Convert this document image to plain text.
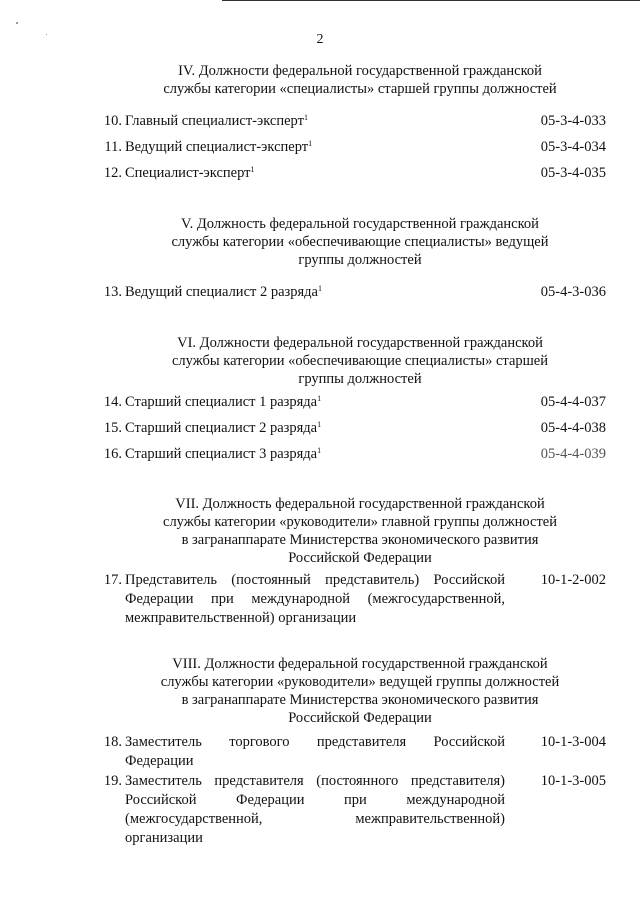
2
IV. Должности федеральной государственной гражданской
службы категории «специалисты» старшей группы должностей
10. Главный специалист-эксперт$^1$	05-3-4-033
11. Ведущий специалист-эксперт$^1$	05-3-4-034
12. Специалист-эксперт$^1$	05-3-4-035
V. Должность федеральной государственной гражданской
службы категории «обеспечивающие специалисты» ведущей
группы должностей
13. Ведущий специалист 2 разряда$^1$	05-4-3-036
VI. Должности федеральной государственной гражданской
службы категории «обеспечивающие специалисты» старшей
группы должностей
14. Старший специалист 1 разряда$^1$	05-4-4-037
15. Старший специалист 2 разряда$^1$	05-4-4-038
16. Старший специалист 3 разряда$^1$	05-4-4-039
VII. Должность федеральной государственной гражданской
службы категории «руководители» главной группы должностей
в загранаппарате Министерства экономического развития
Российской Федерации
17. Представитель (постоянный представитель) Российской
Федерации при международной (межгосударственной,
межправительственной) организации
10-1-2-002
VIII. Должности федеральной государственной гражданской
службы категории «руководители» ведущей группы должностей
в загранаппарате Министерства экономического развития
Российской Федерации
18. Заместитель торгового представителя Российской
Федерации
10-1-3-004
19. Заместитель представителя (постоянного представителя)
Российской Федерации при международной
(межгосударственной, межправительственной)
организации
10-1-3-005
